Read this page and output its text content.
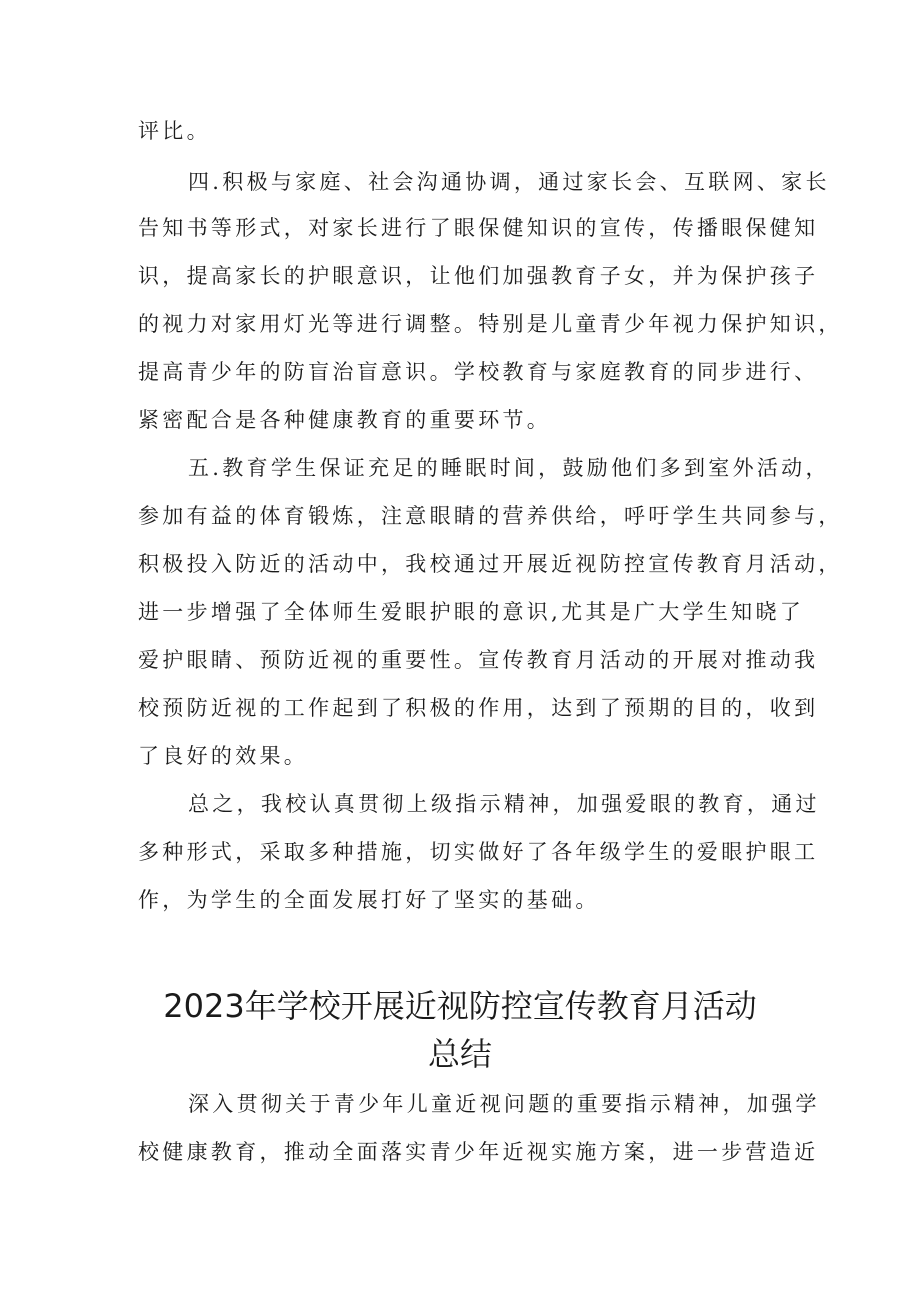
评比。
四.积极与家庭、社会沟通协调，通过家长会、互联网、家长
告知书等形式，对家长进行了眼保健知识的宣传，传播眼保健知
识，提高家长的护眼意识，让他们加强教育子女，并为保护孩子
的视力对家用灯光等进行调整。特别是儿童青少年视力保护知识，
提高青少年的防盲治盲意识。学校教育与家庭教育的同步进行、
紧密配合是各种健康教育的重要环节。
五.教育学生保证充足的睡眠时间，鼓励他们多到室外活动，
参加有益的体育锻炼，注意眼睛的营养供给，呼吁学生共同参与，
积极投入防近的活动中，我校通过开展近视防控宣传教育月活动，
进一步增强了全体师生爱眼护眼的意识,尤其是广大学生知晓了
爱护眼睛、预防近视的重要性。宣传教育月活动的开展对推动我
校预防近视的工作起到了积极的作用，达到了预期的目的，收到
了良好的效果。
总之，我校认真贯彻上级指示精神，加强爱眼的教育，通过
多种形式，采取多种措施，切实做好了各年级学生的爱眼护眼工
作，为学生的全面发展打好了坚实的基础。
2023年学校开展近视防控宣传教育月活动
总结
深入贯彻关于青少年儿童近视问题的重要指示精神，加强学
校健康教育，推动全面落实青少年近视实施方案，进一步营造近
